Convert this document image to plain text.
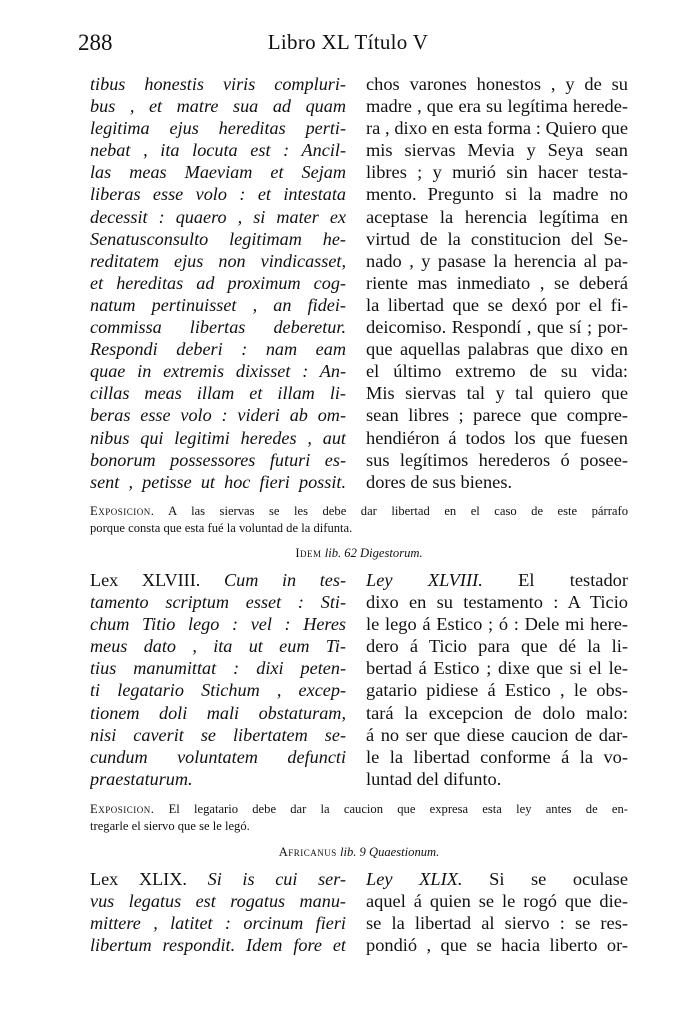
288	Libro XL Título V
tibus honestis viris compluri-
bus , et matre sua ad quam
legitima ejus hereditas perti-
nebat , ita locuta est : Ancil-
las meas Maeviam et Sejam
liberas esse volo : et intestata
decessit : quaero , si mater ex
Senatusconsulto legitimam he-
reditatem ejus non vindicasset,
et hereditas ad proximum cog-
natum pertinuisset , an fidei-
commissa libertas deberetur.
Respondi deberi : nam eam
quae in extremis dixisset : An-
cillas meas illam et illam li-
beras esse volo : videri ab om-
nibus qui legitimi heredes , aut
bonorum possessores futuri es-
sent , petisse ut hoc fieri possit.
chos varones honestos , y de su
madre , que era su legítima herede-
ra , dixo en esta forma : Quiero que
mis siervas Mevia y Seya sean
libres ; y murió sin hacer testa-
mento. Pregunto si la madre no
aceptase la herencia legítima en
virtud de la constitucion del Se-
nado , y pasase la herencia al pa-
riente mas inmediato , se deberá
la libertad que se dexó por el fi-
deicomiso. Respondí , que sí ; por-
que aquellas palabras que dixo en
el último extremo de su vida:
Mis siervas tal y tal quiero que
sean libres ; parece que compre-
hendiéron á todos los que fuesen
sus legítimos herederos ó posee-
dores de sus bienes.
Exposicion. A las siervas se les debe dar libertad en el caso de este párrafo
porque consta que esta fué la voluntad de la difunta.
Idem lib. 62 Digestorum.
Lex XLVIII. Cum in tes-
tamento scriptum esset : Sti-
chum Titio lego : vel : Heres
meus dato , ita ut eum Ti-
tius manumittat : dixi peten-
ti legatario Stichum , excep-
tionem doli mali obstaturam,
nisi caverit se libertatem se-
cundum voluntatem defuncti
praestaturum.
Ley XLVIII. El testador
dixo en su testamento : A Ticio
le lego á Estico ; ó : Dele mi here-
dero á Ticio para que dé la li-
bertad á Estico ; dixe que si el le-
gatario pidiese á Estico , le obs-
tará la excepcion de dolo malo:
á no ser que diese caucion de dar-
le la libertad conforme á la vo-
luntad del difunto.
Exposicion. El legatario debe dar la caucion que expresa esta ley antes de en-
tregarle el siervo que se le legó.
Africanus lib. 9 Quaestionum.
Lex XLIX. Si is cui ser-
vus legatus est rogatus manu-
mittere , latitet : orcinum fieri
libertum respondit. Idem fore et
Ley XLIX. Si se oculase
aquel á quien se le rogó que die-
se la libertad al siervo : se res-
pondió , que se hacia liberto or-
